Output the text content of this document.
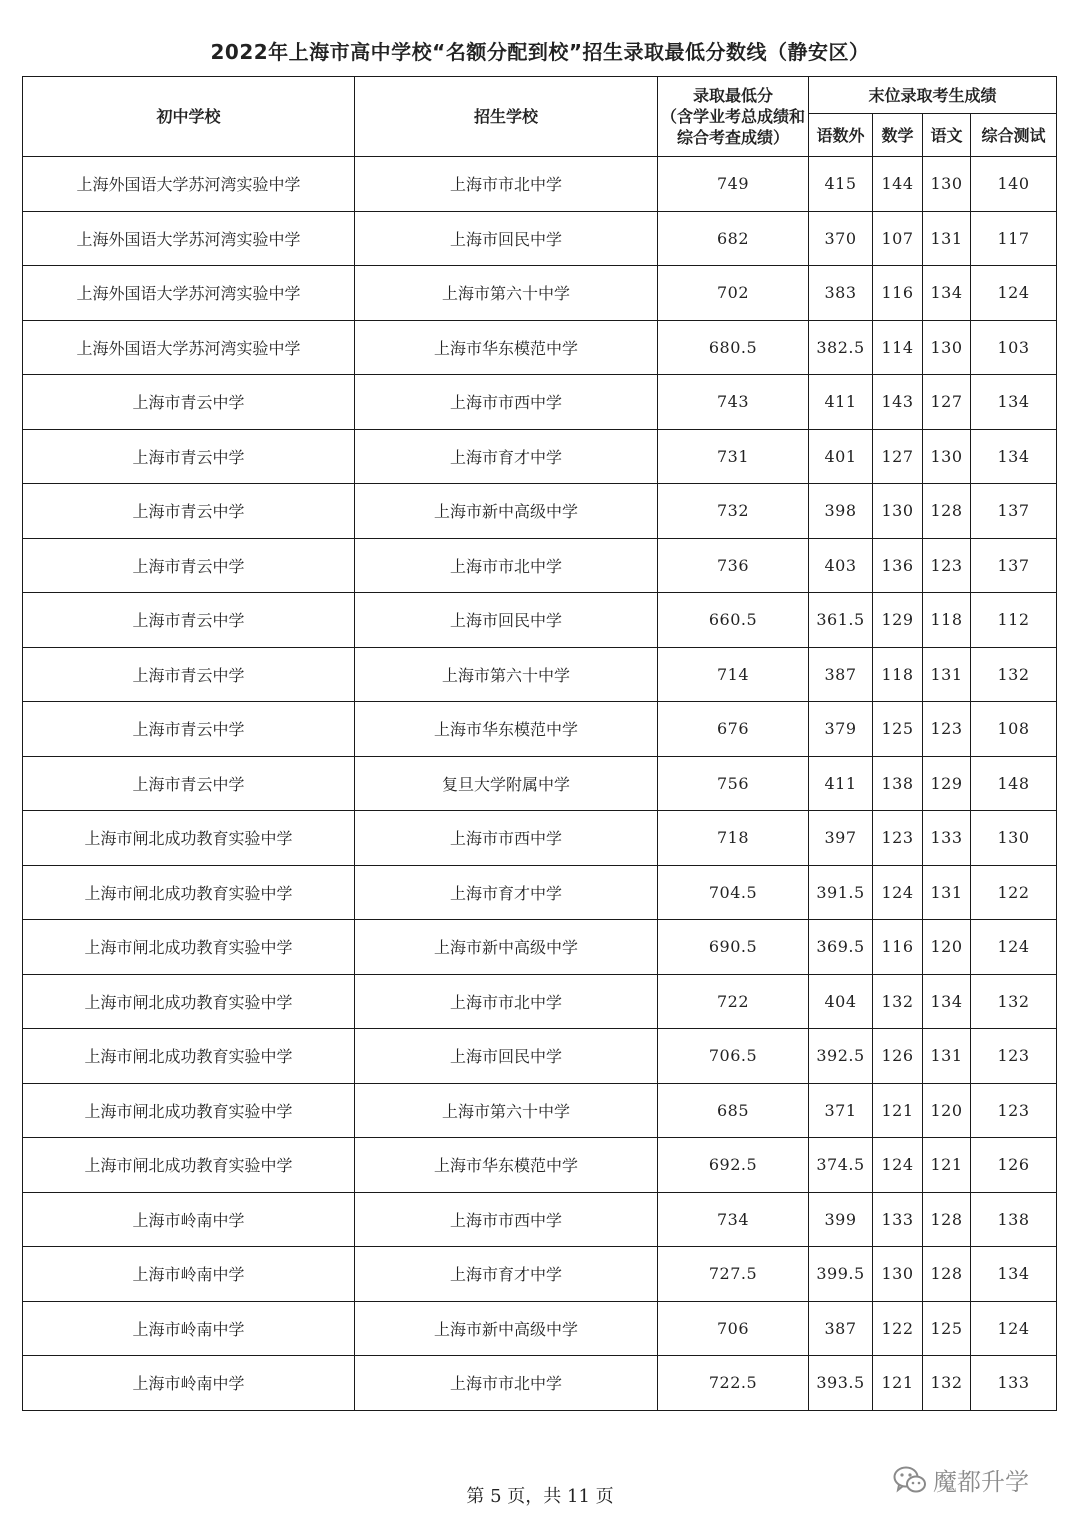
2022年上海市高中学校“名额分配到校”招生录取最低分数线（静安区）
初中学校	招生学校	录取最低分
（含学业考总成绩和综合考查成绩）	末位录取考生成绩			
			语数外	数学	语文	综合测试
上海外国语大学苏河湾实验中学	上海市市北中学	749	415	144	130	140
上海外国语大学苏河湾实验中学	上海市回民中学	682	370	107	131	117
上海外国语大学苏河湾实验中学	上海市第六十中学	702	383	116	134	124
上海外国语大学苏河湾实验中学	上海市华东模范中学	680.5	382.5	114	130	103
上海市青云中学	上海市市西中学	743	411	143	127	134
上海市青云中学	上海市育才中学	731	401	127	130	134
上海市青云中学	上海市新中高级中学	732	398	130	128	137
上海市青云中学	上海市市北中学	736	403	136	123	137
上海市青云中学	上海市回民中学	660.5	361.5	129	118	112
上海市青云中学	上海市第六十中学	714	387	118	131	132
上海市青云中学	上海市华东模范中学	676	379	125	123	108
上海市青云中学	复旦大学附属中学	756	411	138	129	148
上海市闸北成功教育实验中学	上海市市西中学	718	397	123	133	130
上海市闸北成功教育实验中学	上海市育才中学	704.5	391.5	124	131	122
上海市闸北成功教育实验中学	上海市新中高级中学	690.5	369.5	116	120	124
上海市闸北成功教育实验中学	上海市市北中学	722	404	132	134	132
上海市闸北成功教育实验中学	上海市回民中学	706.5	392.5	126	131	123
上海市闸北成功教育实验中学	上海市第六十中学	685	371	121	120	123
上海市闸北成功教育实验中学	上海市华东模范中学	692.5	374.5	124	121	126
上海市岭南中学	上海市市西中学	734	399	133	128	138
上海市岭南中学	上海市育才中学	727.5	399.5	130	128	134
上海市岭南中学	上海市新中高级中学	706	387	122	125	124
上海市岭南中学	上海市市北中学	722.5	393.5	121	132	133
第 5 页，共 11 页
魔都升学
